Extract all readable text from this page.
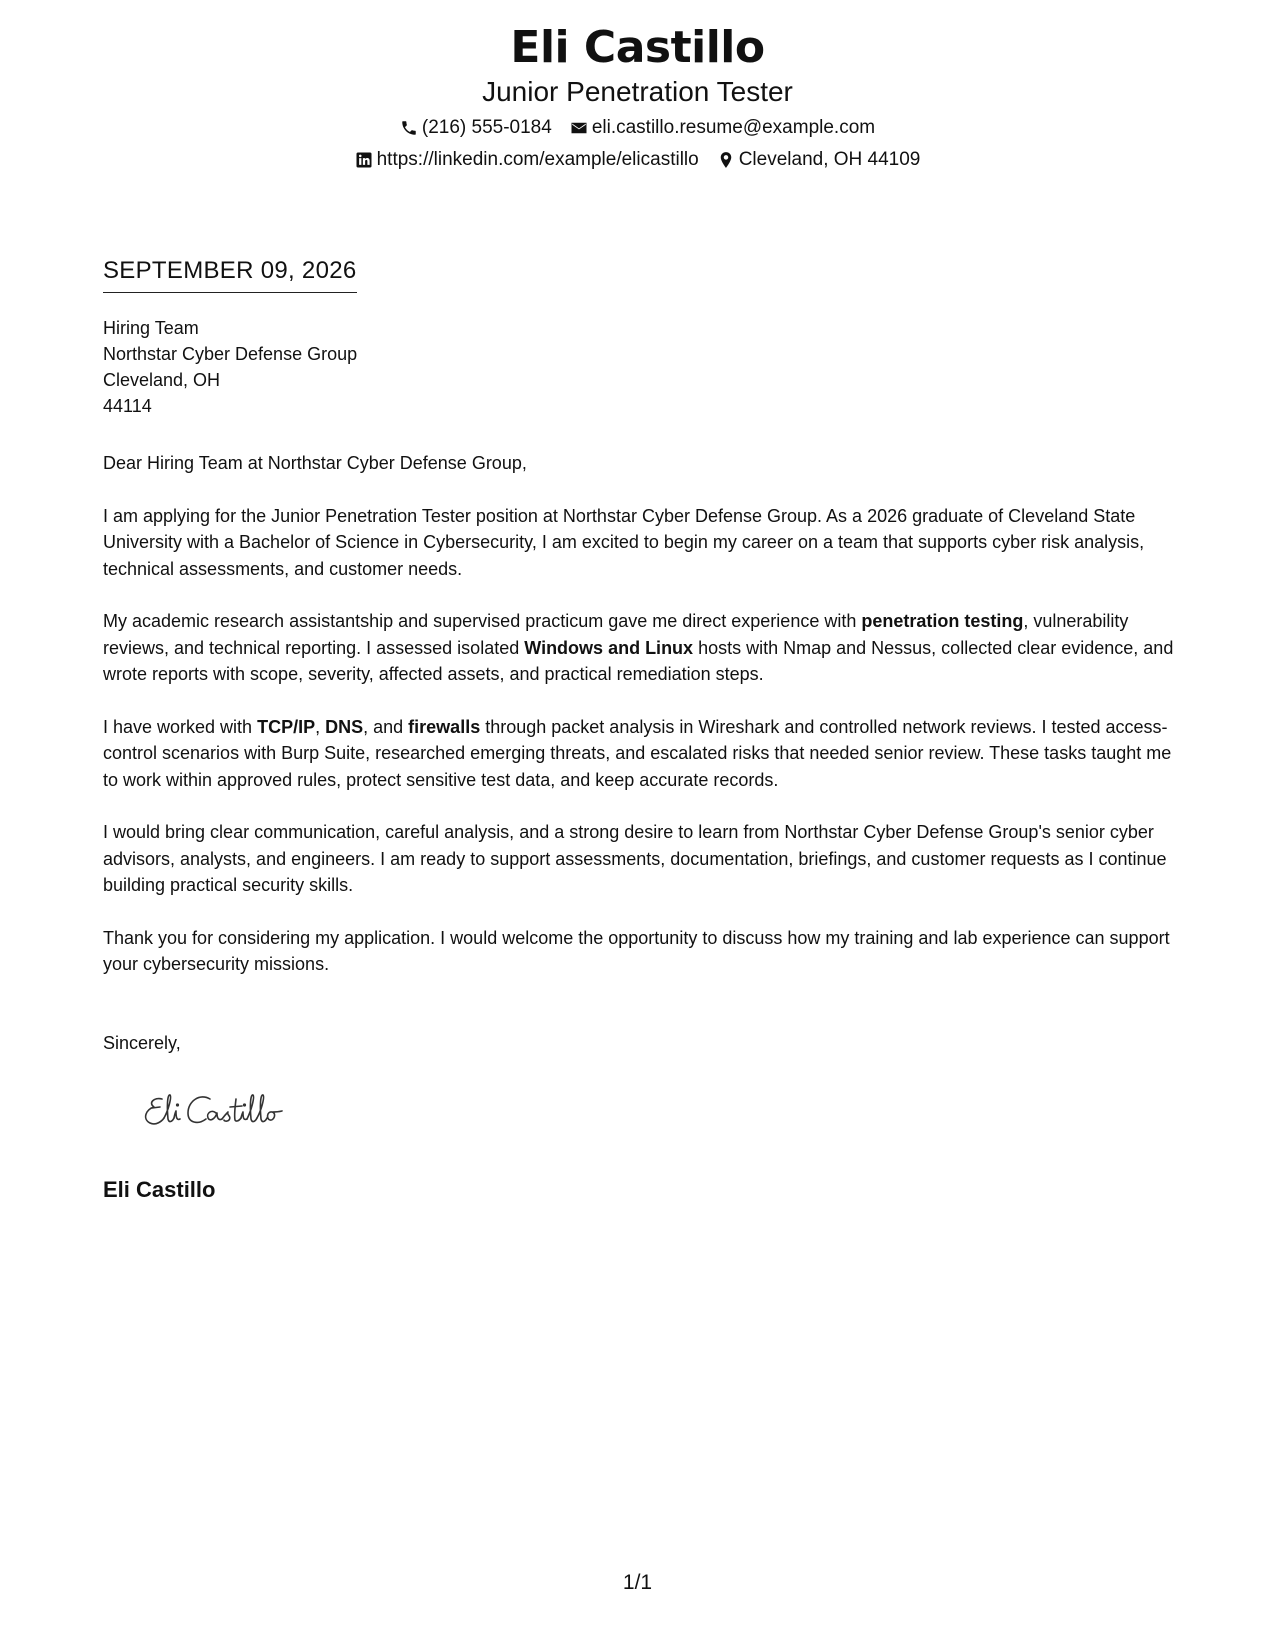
Eli Castillo
Junior Penetration Tester
(216) 555-0184 eli.castillo.resume@example.com
https://linkedin.com/example/elicastillo Cleveland, OH 44109
SEPTEMBER 09, 2026
Hiring Team
Northstar Cyber Defense Group
Cleveland, OH
44114

Dear Hiring Team at Northstar Cyber Defense Group,

I am applying for the Junior Penetration Tester position at Northstar Cyber Defense Group. As a 2026 graduate of Cleveland State University with a Bachelor of Science in Cybersecurity, I am excited to begin my career on a team that supports cyber risk analysis, technical assessments, and customer needs.

My academic research assistantship and supervised practicum gave me direct experience with penetration testing, vulnerability reviews, and technical reporting. I assessed isolated Windows and Linux hosts with Nmap and Nessus, collected clear evidence, and wrote reports with scope, severity, affected assets, and practical remediation steps.

I have worked with TCP/IP, DNS, and firewalls through packet analysis in Wireshark and controlled network reviews. I tested access-control scenarios with Burp Suite, researched emerging threats, and escalated risks that needed senior review. These tasks taught me to work within approved rules, protect sensitive test data, and keep accurate records.

I would bring clear communication, careful analysis, and a strong desire to learn from Northstar Cyber Defense Group's senior cyber advisors, analysts, and engineers. I am ready to support assessments, documentation, briefings, and customer requests as I continue building practical security skills.

Thank you for considering my application. I would welcome the opportunity to discuss how my training and lab experience can support your cybersecurity missions.

Sincerely,
Eli Castillo
1/1
